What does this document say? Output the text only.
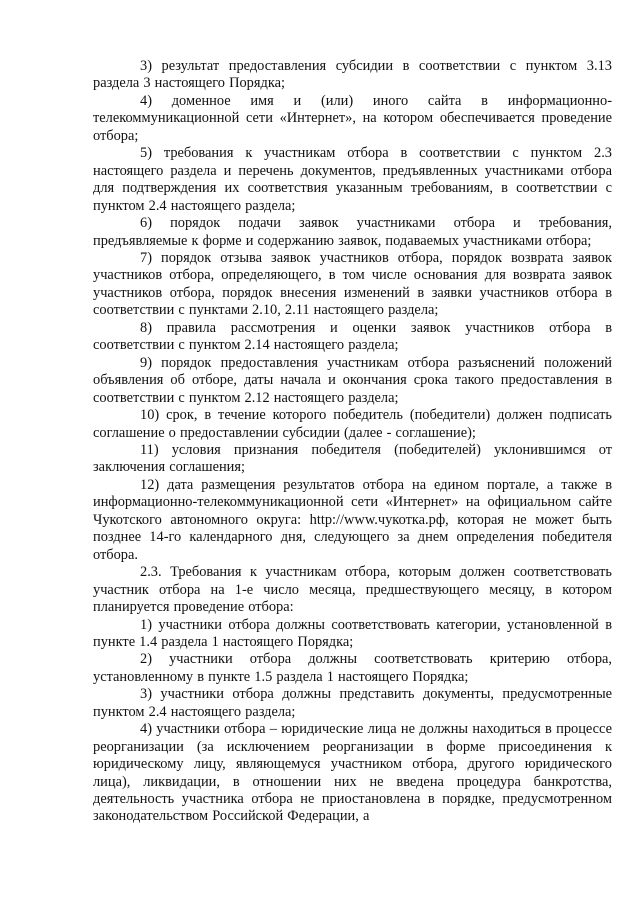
3) результат предоставления субсидии в соответствии с пунктом 3.13 раздела 3 настоящего Порядка;

4) доменное имя и (или) иного сайта в информационно-телекоммуникационной сети «Интернет», на котором обеспечивается проведение отбора;

5) требования к участникам отбора в соответствии с пунктом 2.3 настоящего раздела и перечень документов, предъявленных участниками отбора для подтверждения их соответствия указанным требованиям, в соответствии с пунктом 2.4 настоящего раздела;

6) порядок подачи заявок участниками отбора и требования, предъявляемые к форме и содержанию заявок, подаваемых участниками отбора;

7) порядок отзыва заявок участников отбора, порядок возврата заявок участников отбора, определяющего, в том числе основания для возврата заявок участников отбора, порядок внесения изменений в заявки участников отбора в соответствии с пунктами 2.10, 2.11 настоящего раздела;

8) правила рассмотрения и оценки заявок участников отбора в соответствии с пунктом 2.14 настоящего раздела;

9) порядок предоставления участникам отбора разъяснений положений объявления об отборе, даты начала и окончания срока такого предоставления в соответствии с пунктом 2.12 настоящего раздела;

10) срок, в течение которого победитель (победители) должен подписать соглашение о предоставлении субсидии (далее - соглашение);

11) условия признания победителя (победителей) уклонившимся от заключения соглашения;

12) дата размещения результатов отбора на едином портале, а также в информационно-телекоммуникационной сети «Интернет» на официальном сайте Чукотского автономного округа: http://www.чукотка.рф, которая не может быть позднее 14-го календарного дня, следующего за днем определения победителя отбора.

2.3. Требования к участникам отбора, которым должен соответствовать участник отбора на 1-е число месяца, предшествующего месяцу, в котором планируется проведение отбора:

1) участники отбора должны соответствовать категории, установленной в пункте 1.4 раздела 1 настоящего Порядка;

2) участники отбора должны соответствовать критерию отбора, установленному в пункте 1.5 раздела 1 настоящего Порядка;

3) участники отбора должны представить документы, предусмотренные пунктом 2.4 настоящего раздела;

4) участники отбора – юридические лица не должны находиться в процессе реорганизации (за исключением реорганизации в форме присоединения к юридическому лицу, являющемуся участником отбора, другого юридического лица), ликвидации, в отношении них не введена процедура банкротства, деятельность участника отбора не приостановлена в порядке, предусмотренном законодательством Российской Федерации, а
